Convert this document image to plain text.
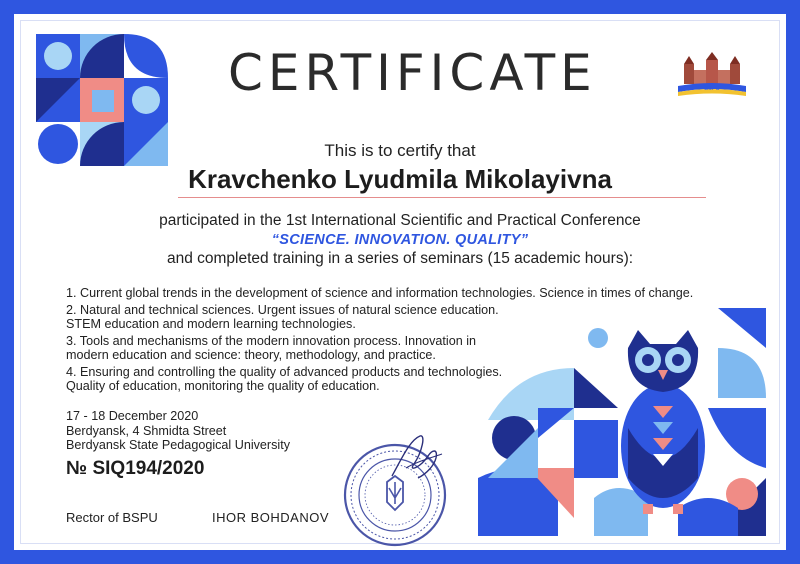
BSPU
CERTIFICATE
This is to certify that
Kravchenko Lyudmila Mikolayivna
participated in the 1st International Scientific and Practical Conference
“SCIENCE. INNOVATION. QUALITY”
and completed training in a series of seminars (15 academic hours):
1. Current global trends in the development of science and information technologies. Science in times of change.
2. Natural and technical sciences. Urgent issues of natural science education.
STEM education and modern learning technologies.
3. Tools and mechanisms of the modern innovation process. Innovation in
modern education and science: theory, methodology, and practice.
4. Ensuring and controlling the quality of advanced products and technologies.
Quality of education, monitoring the quality of education.
17 - 18 December 2020
Berdyansk, 4 Shmidta Street
Berdyansk State Pedagogical University
№ SIQ194/2020
Rector of BSPU	IHOR BOHDANOV
